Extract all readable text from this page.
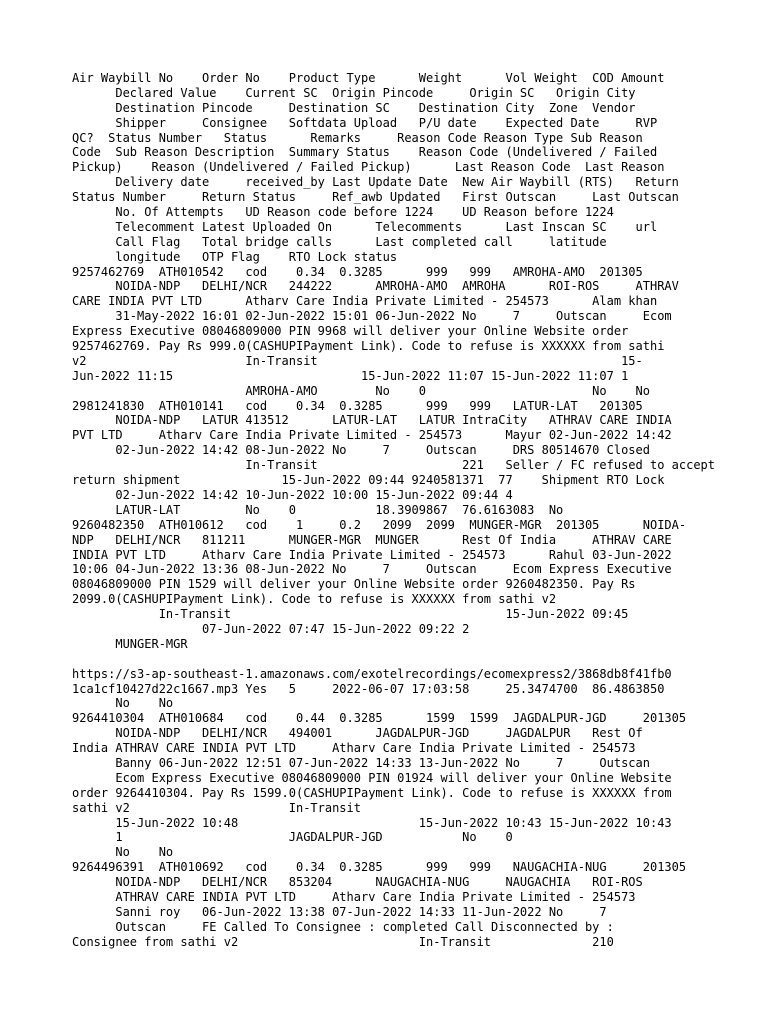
Air Waybill No    Order No    Product Type      Weight      Vol Weight  COD Amount
Declared Value    Current SC  Origin Pincode     Origin SC   Origin City
Destination Pincode     Destination SC    Destination City  Zone  Vendor
Shipper     Consignee   Softdata Upload   P/U date    Expected Date     RVP
QC?  Status Number   Status      Remarks     Reason Code Reason Type Sub Reason
Code  Sub Reason Description  Summary Status    Reason Code (Undelivered / Failed
Pickup)    Reason (Undelivered / Failed Pickup)      Last Reason Code  Last Reason
Delivery date     received_by Last Update Date  New Air Waybill (RTS)   Return
Status Number     Return Status     Ref_awb Updated   First Outscan     Last Outscan
No. Of Attempts   UD Reason code before 1224    UD Reason before 1224
Telecomment Latest Uploaded On      Telecomments      Last Inscan SC    url
Call Flag   Total bridge calls      Last completed call     latitude
longitude   OTP Flag    RTO Lock status
9257462769  ATH010542   cod    0.34  0.3285      999   999   AMROHA-AMO  201305
NOIDA-NDP   DELHI/NCR   244222      AMROHA-AMO  AMROHA      ROI-ROS     ATHRAV
CARE INDIA PVT LTD      Atharv Care India Private Limited - 254573      Alam khan
31-May-2022 16:01 02-Jun-2022 15:01 06-Jun-2022 No     7     Outscan     Ecom
Express Executive 08046809000 PIN 9968 will deliver your Online Website order
9257462769. Pay Rs 999.0(CASHUPIPayment Link). Code to refuse is XXXXXX from sathi
v2                      In-Transit                                          15-
Jun-2022 11:15                          15-Jun-2022 11:07 15-Jun-2022 11:07 1
AMROHA-AMO        No    0                       No    No
2981241830  ATH010141   cod    0.34  0.3285      999   999   LATUR-LAT   201305
NOIDA-NDP   LATUR 413512      LATUR-LAT   LATUR IntraCity   ATHRAV CARE INDIA
PVT LTD     Atharv Care India Private Limited - 254573      Mayur 02-Jun-2022 14:42
02-Jun-2022 14:42 08-Jun-2022 No     7     Outscan     DRS 80514670 Closed
In-Transit                    221   Seller / FC refused to accept
return shipment              15-Jun-2022 09:44 9240581371  77    Shipment RTO Lock
02-Jun-2022 14:42 10-Jun-2022 10:00 15-Jun-2022 09:44 4
LATUR-LAT         No    0           18.3909867  76.6163083  No
9260482350  ATH010612   cod    1     0.2   2099  2099  MUNGER-MGR  201305      NOIDA-
NDP   DELHI/NCR   811211      MUNGER-MGR  MUNGER      Rest Of India     ATHRAV CARE
INDIA PVT LTD     Atharv Care India Private Limited - 254573      Rahul 03-Jun-2022
10:06 04-Jun-2022 13:36 08-Jun-2022 No     7     Outscan     Ecom Express Executive
08046809000 PIN 1529 will deliver your Online Website order 9260482350. Pay Rs
2099.0(CASHUPIPayment Link). Code to refuse is XXXXXX from sathi v2
In-Transit                                      15-Jun-2022 09:45
07-Jun-2022 07:47 15-Jun-2022 09:22 2
MUNGER-MGR
https://s3-ap-southeast-1.amazonaws.com/exotelrecordings/ecomexpress2/3868db8f41fb0
1ca1cf10427d22c1667.mp3 Yes   5     2022-06-07 17:03:58     25.3474700  86.4863850
No    No
9264410304  ATH010684   cod    0.44  0.3285      1599  1599  JAGDALPUR-JGD     201305
NOIDA-NDP   DELHI/NCR   494001      JAGDALPUR-JGD     JAGDALPUR   Rest Of
India ATHRAV CARE INDIA PVT LTD     Atharv Care India Private Limited - 254573
Banny 06-Jun-2022 12:51 07-Jun-2022 14:33 13-Jun-2022 No     7     Outscan
Ecom Express Executive 08046809000 PIN 01924 will deliver your Online Website
order 9264410304. Pay Rs 1599.0(CASHUPIPayment Link). Code to refuse is XXXXXX from
sathi v2                      In-Transit
15-Jun-2022 10:48                         15-Jun-2022 10:43 15-Jun-2022 10:43
1                       JAGDALPUR-JGD           No    0
No    No
9264496391  ATH010692   cod    0.34  0.3285      999   999   NAUGACHIA-NUG     201305
NOIDA-NDP   DELHI/NCR   853204      NAUGACHIA-NUG     NAUGACHIA   ROI-ROS
ATHRAV CARE INDIA PVT LTD     Atharv Care India Private Limited - 254573
Sanni roy   06-Jun-2022 13:38 07-Jun-2022 14:33 11-Jun-2022 No     7
Outscan     FE Called To Consignee : completed Call Disconnected by :
Consignee from sathi v2                         In-Transit              210
